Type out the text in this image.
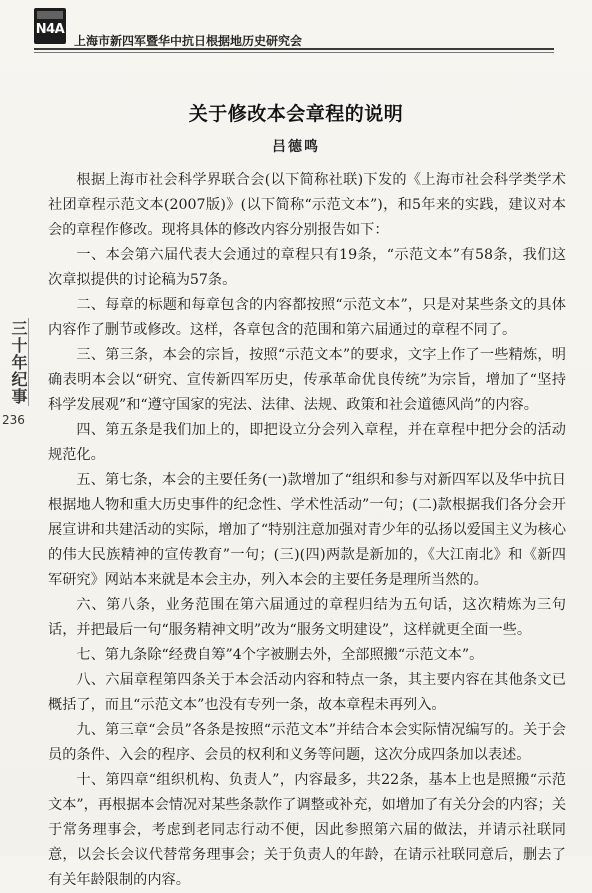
N4A
上海市新四军暨华中抗日根据地历史研究会
三十年纪事
236
关于修改本会章程的说明
吕德鸣

根据上海市社会科学界联合会(以下简称社联)下发的《上海市社会科学类学术社团章程示范文本(2007版)》(以下简称“示范文本”)，和5年来的实践，建议对本会的章程作修改。现将具体的修改内容分别报告如下：

一、本会第六届代表大会通过的章程只有19条，“示范文本”有58条，我们这次章拟提供的讨论稿为57条。

二、每章的标题和每章包含的内容都按照“示范文本”，只是对某些条文的具体内容作了删节或修改。这样，各章包含的范围和第六届通过的章程不同了。

三、第三条，本会的宗旨，按照“示范文本”的要求，文字上作了一些精炼，明确表明本会以“研究、宣传新四军历史，传承革命优良传统”为宗旨，增加了“坚持科学发展观”和“遵守国家的宪法、法律、法规、政策和社会道德风尚”的内容。

四、第五条是我们加上的，即把设立分会列入章程，并在章程中把分会的活动规范化。

五、第七条，本会的主要任务(一)款增加了“组织和参与对新四军以及华中抗日根据地人物和重大历史事件的纪念性、学术性活动”一句；(二)款根据我们各分会开展宣讲和共建活动的实际，增加了“特别注意加强对青少年的弘扬以爱国主义为核心的伟大民族精神的宣传教育”一句；(三)(四)两款是新加的，《大江南北》和《新四军研究》网站本来就是本会主办，列入本会的主要任务是理所当然的。

六、第八条，业务范围在第六届通过的章程归结为五句话，这次精炼为三句话，并把最后一句“服务精神文明”改为“服务文明建设”，这样就更全面一些。

七、第九条除“经费自筹”4个字被删去外，全部照搬“示范文本”。

八、六届章程第四条关于本会活动内容和特点一条，其主要内容在其他条文已概括了，而且“示范文本”也没有专列一条，故本章程未再列入。

九、第三章“会员”各条是按照“示范文本”并结合本会实际情况编写的。关于会员的条件、入会的程序、会员的权利和义务等问题，这次分成四条加以表述。

十、第四章“组织机构、负责人”，内容最多，共22条，基本上也是照搬“示范文本”，再根据本会情况对某些条款作了调整或补充，如增加了有关分会的内容；关于常务理事会，考虑到老同志行动不便，因此参照第六届的做法，并请示社联同意，以会长会议代替常务理事会；关于负责人的年龄，在请示社联同意后，删去了有关年龄限制的内容。
